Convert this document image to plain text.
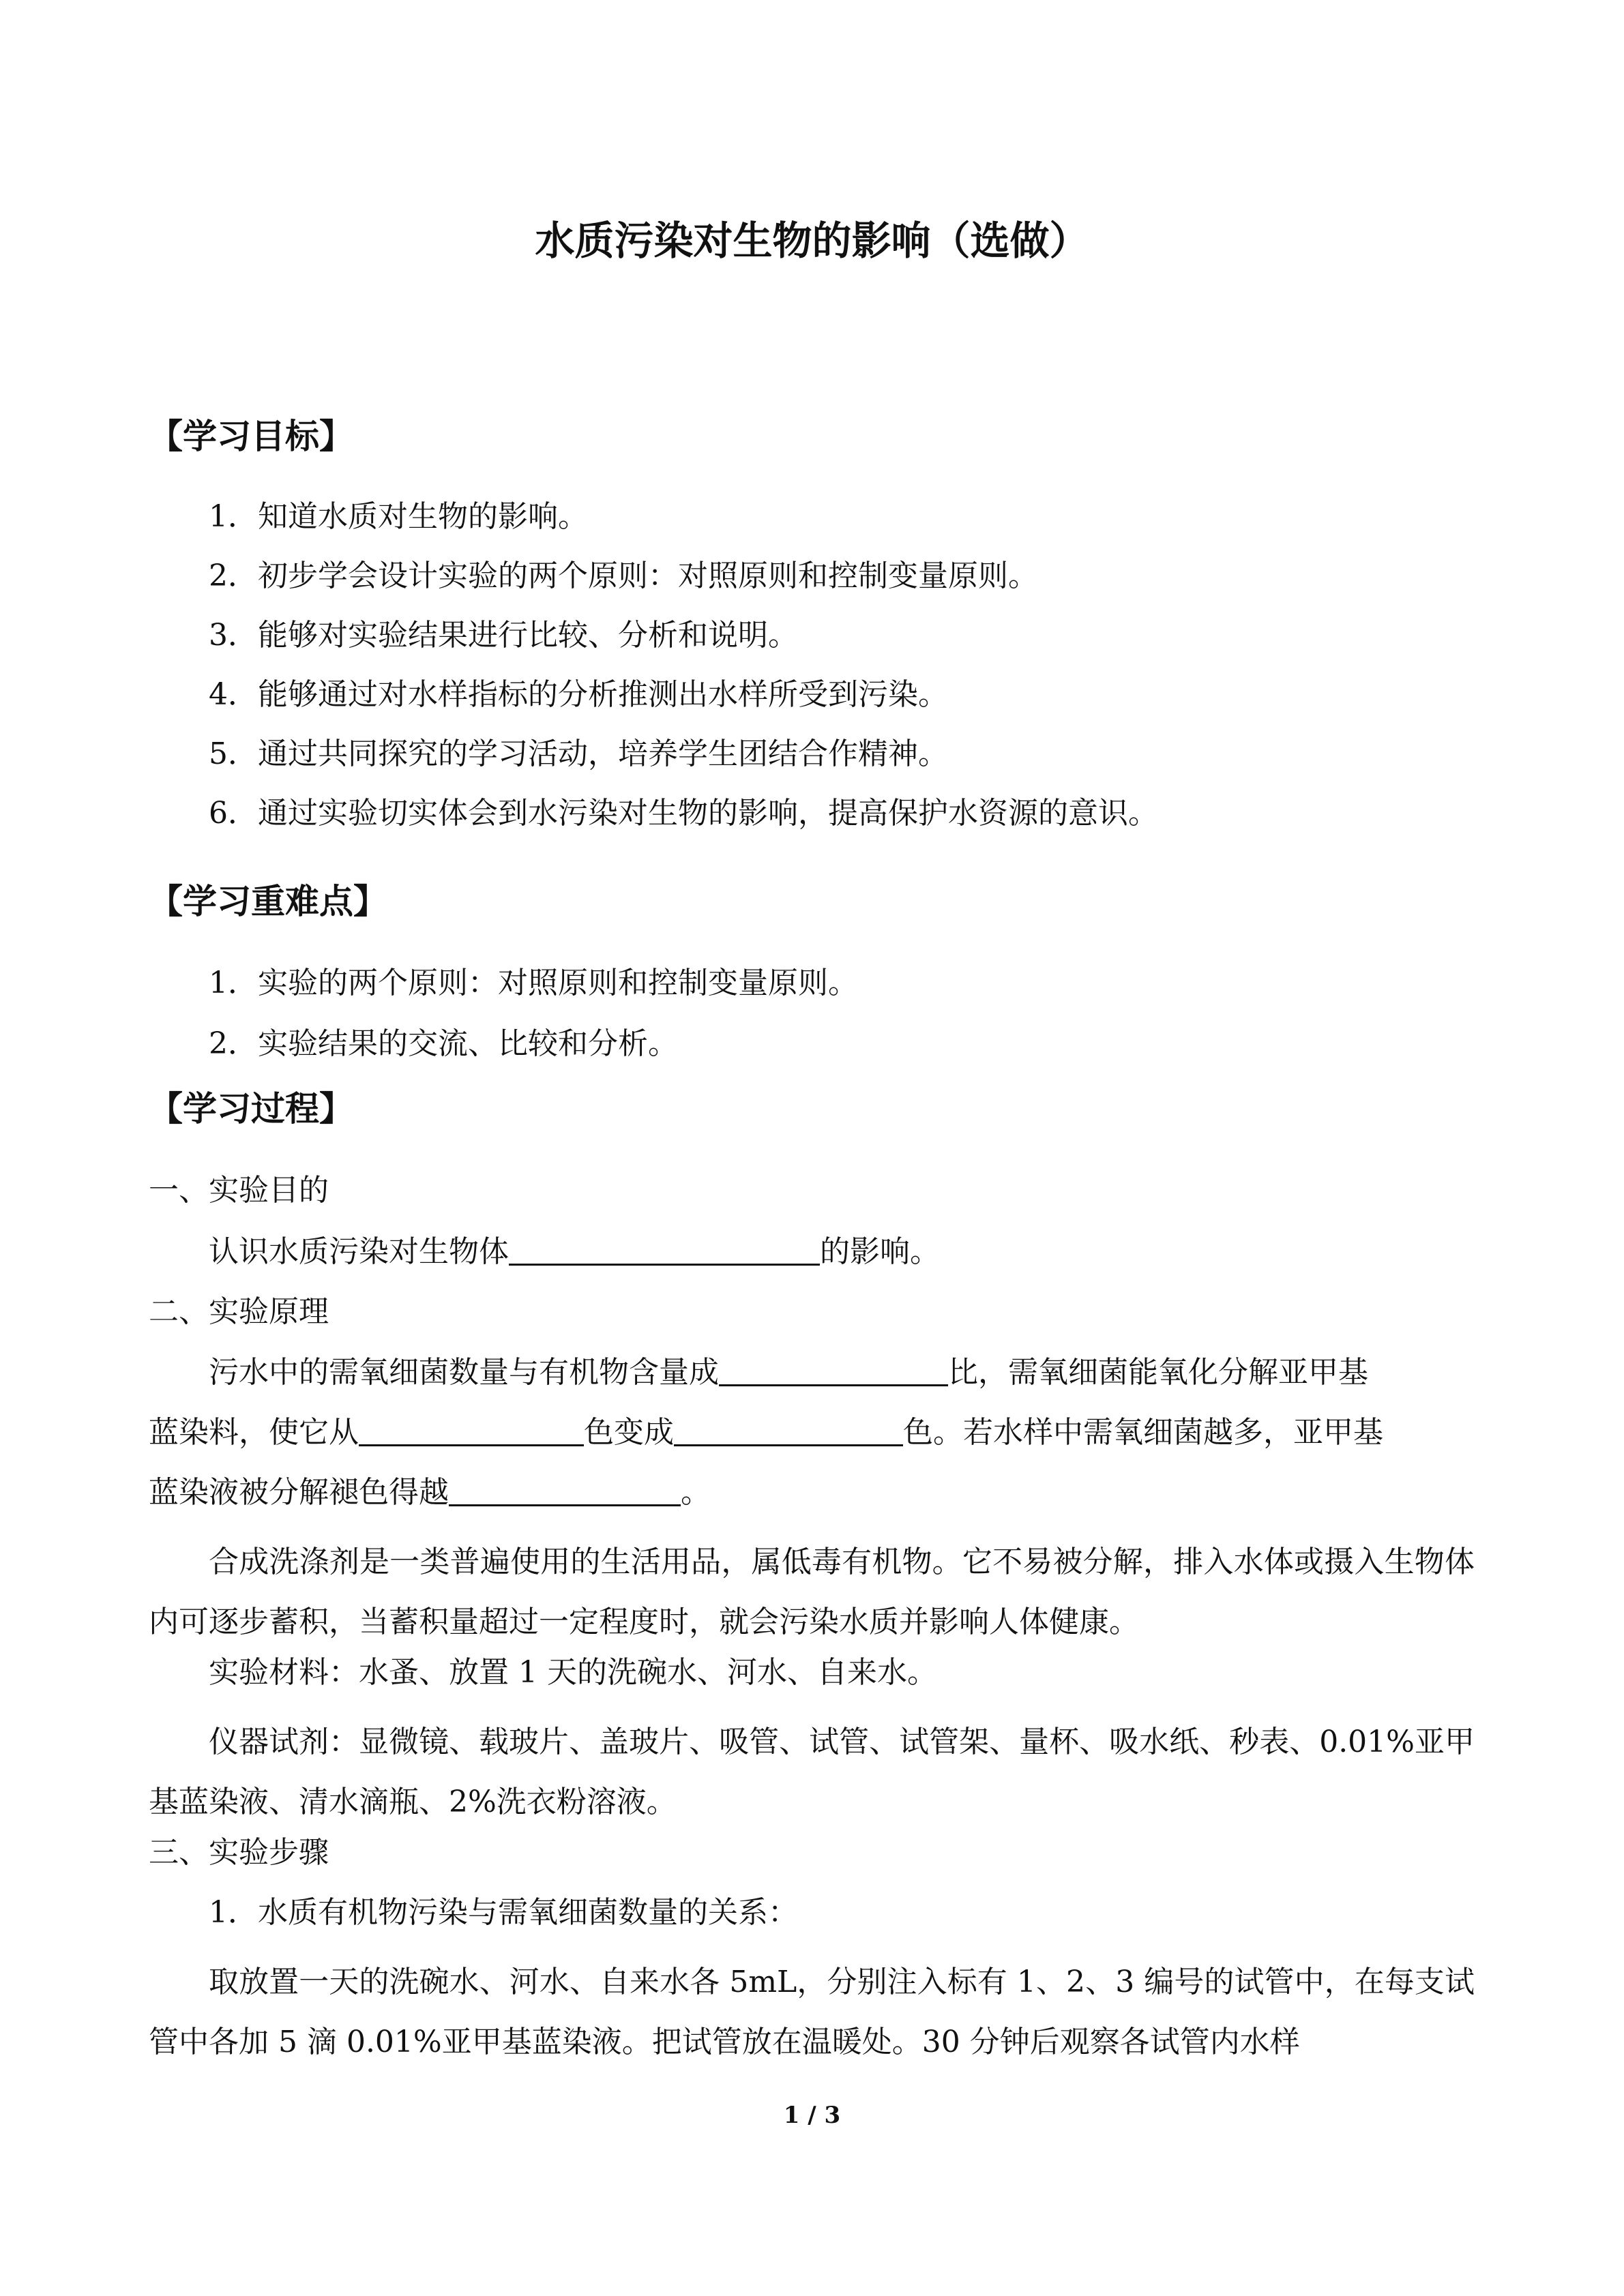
水质污染对生物的影响（选做）
【学习目标】
1．知道水质对生物的影响。
2．初步学会设计实验的两个原则：对照原则和控制变量原则。
3．能够对实验结果进行比较、分析和说明。
4．能够通过对水样指标的分析推测出水样所受到污染。
5．通过共同探究的学习活动，培养学生团结合作精神。
6．通过实验切实体会到水污染对生物的影响，提高保护水资源的意识。
【学习重难点】
1．实验的两个原则：对照原则和控制变量原则。
2．实验结果的交流、比较和分析。
【学习过程】
一、实验目的
认识水质污染对生物体	的影响。
二、实验原理
污水中的需氧细菌数量与有机物含量成	比，需氧细菌能氧化分解亚甲基
蓝染料，使它从	色变成	色。若水样中需氧细菌越多，亚甲基
蓝染液被分解褪色得越	。
合成洗涤剂是一类普遍使用的生活用品，属低毒有机物。它不易被分解，排入水体或摄入生物体内可逐步蓄积，当蓄积量超过一定程度时，就会污染水质并影响人体健康。
实验材料：水蚤、放置 1 天的洗碗水、河水、自来水。
仪器试剂：显微镜、载玻片、盖玻片、吸管、试管、试管架、量杯、吸水纸、秒表、0.01%亚甲基蓝染液、清水滴瓶、2%洗衣粉溶液。
三、实验步骤
1．水质有机物污染与需氧细菌数量的关系：
取放置一天的洗碗水、河水、自来水各 5mL，分别注入标有 1、2、3 编号的试管中，在每支试管中各加 5 滴 0.01%亚甲基蓝染液。把试管放在温暖处。30 分钟后观察各试管内水样
1 / 3
